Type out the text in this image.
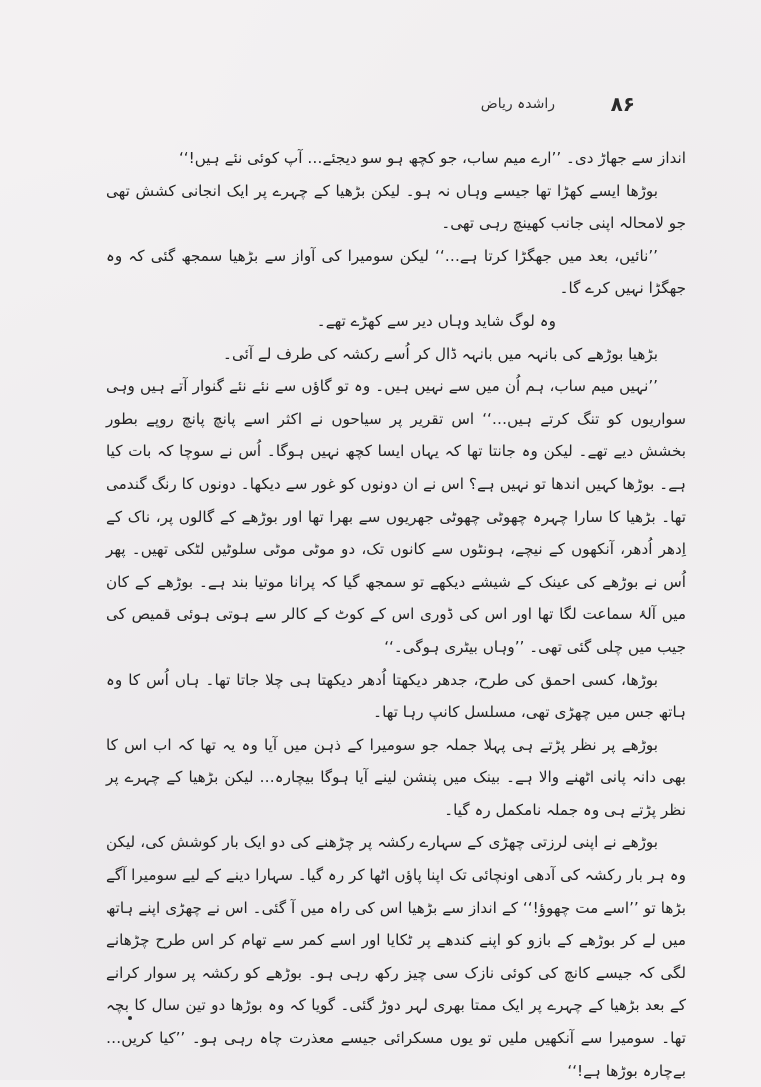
۸۶
راشدہ ریاض

انداز سے جھاڑ دی۔ ’’ارے میم ساب، جو کچھ ہو سو دیجئے… آپ کوئی نئے ہیں!‘‘

بوڑھا ایسے کھڑا تھا جیسے وہاں نہ ہو۔ لیکن بڑھیا کے چہرے پر ایک انجانی کشش تھی جو لامحالہ اپنی جانب کھینچ رہی تھی۔

’’نائیں، بعد میں جھگڑا کرتا ہے…‘‘ لیکن سومیرا کی آواز سے بڑھیا سمجھ گئی کہ وہ جھگڑا نہیں کرے گا۔

وہ لوگ شاید وہاں دیر سے کھڑے تھے۔

بڑھیا بوڑھے کی بانہہ میں بانہہ ڈال کر اُسے رکشہ کی طرف لے آئی۔

’’نہیں میم ساب، ہم اُن میں سے نہیں ہیں۔ وہ تو گاؤں سے نئے نئے گنوار آتے ہیں وہی سواریوں کو تنگ کرتے ہیں…‘‘ اس تقریر پر سیاحوں نے اکثر اسے پانچ پانچ روپے بطور بخشش دیے تھے۔ لیکن وہ جانتا تھا کہ یہاں ایسا کچھ نہیں ہوگا۔ اُس نے سوچا کہ بات کیا ہے۔ بوڑھا کہیں اندھا تو نہیں ہے؟ اس نے ان دونوں کو غور سے دیکھا۔ دونوں کا رنگ گندمی تھا۔ بڑھیا کا سارا چہرہ چھوٹی چھوٹی جھریوں سے بھرا تھا اور بوڑھے کے گالوں پر، ناک کے اِدھر اُدھر، آنکھوں کے نیچے، ہونٹوں سے کانوں تک، دو موٹی موٹی سلوٹیں لٹکی تھیں۔ پھر اُس نے بوڑھے کی عینک کے شیشے دیکھے تو سمجھ گیا کہ پرانا موتیا بند ہے۔ بوڑھے کے کان میں آلۂ سماعت لگا تھا اور اس کی ڈوری اس کے کوٹ کے کالر سے ہوتی ہوئی قمیص کی جیب میں چلی گئی تھی۔ ’’وہاں بیٹری ہوگی۔‘‘

بوڑھا، کسی احمق کی طرح، جدھر دیکھتا اُدھر دیکھتا ہی چلا جاتا تھا۔ ہاں اُس کا وہ ہاتھ جس میں چھڑی تھی، مسلسل کانپ رہا تھا۔

بوڑھے پر نظر پڑتے ہی پہلا جملہ جو سومیرا کے ذہن میں آیا وہ یہ تھا کہ اب اس کا بھی دانہ پانی اٹھنے والا ہے۔ بینک میں پنشن لینے آیا ہوگا بیچارہ… لیکن بڑھیا کے چہرے پر نظر پڑتے ہی وہ جملہ نامکمل رہ گیا۔

بوڑھے نے اپنی لرزتی چھڑی کے سہارے رکشہ پر چڑھنے کی دو ایک بار کوشش کی، لیکن وہ ہر بار رکشہ کی آدھی اونچائی تک اپنا پاؤں اٹھا کر رہ گیا۔ سہارا دینے کے لیے سومیرا آگے بڑھا تو ’’اسے مت چھوؤ!‘‘ کے انداز سے بڑھیا اس کی راہ میں آ گئی۔ اس نے چھڑی اپنے ہاتھ میں لے کر بوڑھے کے بازو کو اپنے کندھے پر ٹکایا اور اسے کمر سے تھام کر اس طرح چڑھانے لگی کہ جیسے کانچ کی کوئی نازک سی چیز رکھ رہی ہو۔ بوڑھے کو رکشہ پر سوار کرانے کے بعد بڑھیا کے چہرے پر ایک ممتا بھری لہر دوڑ گئی۔ گویا کہ وہ بوڑھا دو تین سال کا بچہ تھا۔ سومیرا سے آنکھیں ملیں تو یوں مسکرائی جیسے معذرت چاہ رہی ہو۔ ’’کیا کریں… بےچارہ بوڑھا ہے!‘‘
